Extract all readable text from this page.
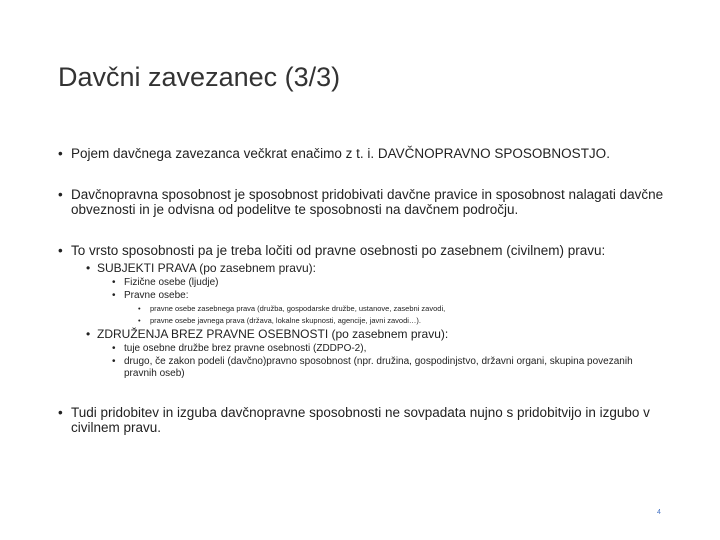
Davčni zavezanec (3/3)
• Pojem davčnega zavezanca večkrat enačimo z t. i. DAVČNOPRAVNO SPOSOBNOSTJO.
• Davčnopravna sposobnost je sposobnost pridobivati davčne pravice in sposobnost nalagati davčne obveznosti in je odvisna od podelitve te sposobnosti na davčnem področju.
• To vrsto sposobnosti pa je treba ločiti od pravne osebnosti po zasebnem (civilnem) pravu:
• SUBJEKTI PRAVA (po zasebnem pravu):
• Fizične osebe (ljudje)
• Pravne osebe:
•	pravne osebe zasebnega prava (družba, gospodarske družbe, ustanove, zasebni zavodi,
•	pravne osebe javnega prava (država, lokalne skupnosti, agencije, javni zavodi…).
• ZDRUŽENJA BREZ PRAVNE OSEBNOSTI (po zasebnem pravu):
• tuje osebne družbe brez pravne osebnosti (ZDDPO-2),
• drugo, če zakon podeli (davčno)pravno sposobnost (npr. družina, gospodinjstvo, državni organi, skupina povezanih pravnih oseb)
• Tudi pridobitev in izguba davčnopravne sposobnosti ne sovpadata nujno s pridobitvijo in izgubo v civilnem pravu.
4
